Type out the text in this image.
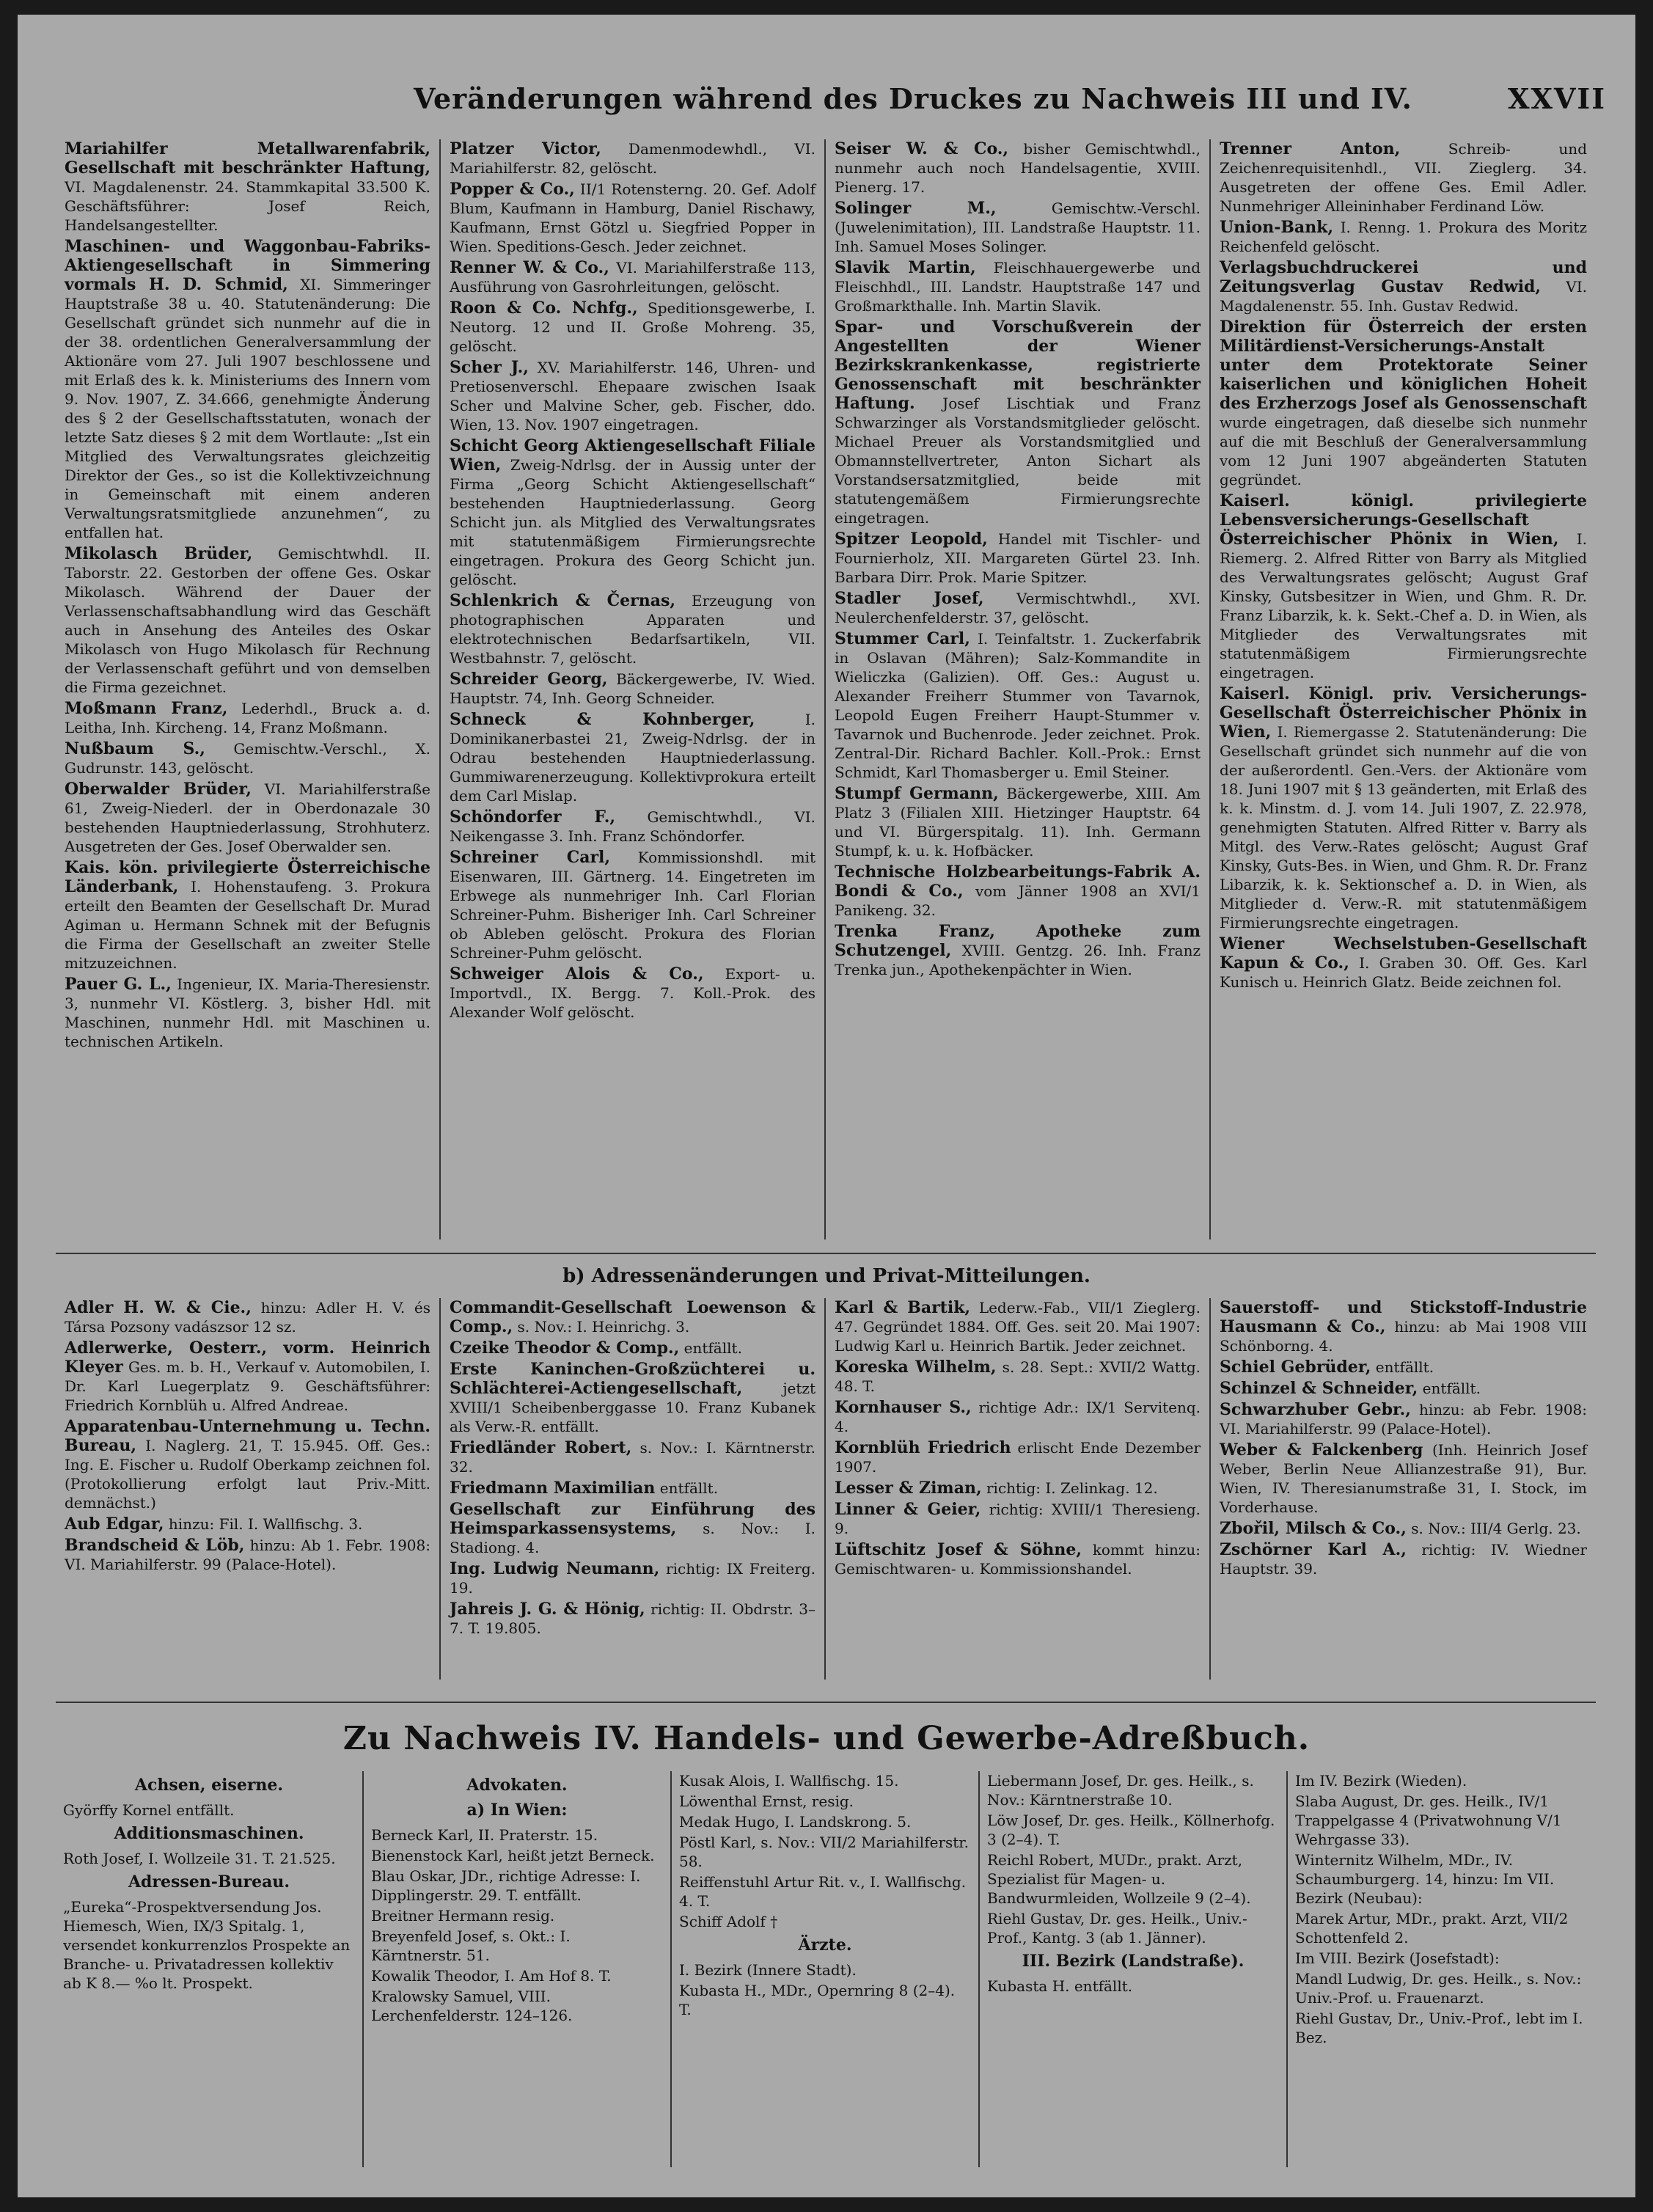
Veränderungen während des Druckes zu Nachweis III und IV.	XXVII
Mariahilfer Metallwarenfabrik, Gesellschaft mit beschränkter Haftung, VI. Magdalenenstr. 24. Stammkapital 33.500 K. Geschäftsführer: Josef Reich, Handelsangestellter.
Maschinen- und Waggonbau-Fabriks-Aktiengesellschaft in Simmering vormals H. D. Schmid, XI. Simmeringer Hauptstraße 38 u. 40. Statutenänderung: Die Gesellschaft gründet sich nunmehr auf die in der 38. ordentlichen Generalversammlung der Aktionäre vom 27. Juli 1907 beschlossene und mit Erlaß des k. k. Ministeriums des Innern vom 9. Nov. 1907, Z. 34.666, genehmigte Änderung des § 2 der Gesellschaftsstatuten, wonach der letzte Satz dieses § 2 mit dem Wortlaute: „Ist ein Mitglied des Verwaltungsrates gleichzeitig Direktor der Ges., so ist die Kollektivzeichnung in Gemeinschaft mit einem anderen Verwaltungsratsmitgliede anzunehmen“, zu entfallen hat.
Mikolasch Brüder, Gemischtwhdl. II. Taborstr. 22. Gestorben der offene Ges. Oskar Mikolasch. Während der Dauer der Verlassenschaftsabhandlung wird das Geschäft auch in Ansehung des Anteiles des Oskar Mikolasch von Hugo Mikolasch für Rechnung der Verlassenschaft geführt und von demselben die Firma gezeichnet.
Moßmann Franz, Lederhdl., Bruck a. d. Leitha, Inh. Kircheng. 14, Franz Moßmann.
Nußbaum S., Gemischtw.-Verschl., X. Gudrunstr. 143, gelöscht.
Oberwalder Brüder, VI. Mariahilferstraße 61, Zweig-Niederl. der in Oberdonazale 30 bestehenden Hauptniederlassung, Strohhuterz. Ausgetreten der Ges. Josef Oberwalder sen.
Kais. kön. privilegierte Österreichische Länderbank, I. Hohenstaufeng. 3. Prokura erteilt den Beamten der Gesellschaft Dr. Murad Agiman u. Hermann Schnek mit der Befugnis die Firma der Gesellschaft an zweiter Stelle mitzuzeichnen.
Pauer G. L., Ingenieur, IX. Maria-Theresienstr. 3, nunmehr VI. Köstlerg. 3, bisher Hdl. mit Maschinen, nunmehr Hdl. mit Maschinen u. technischen Artikeln.
Platzer Victor, Damenmodewhdl., VI. Mariahilferstr. 82, gelöscht.
Popper & Co., II/1 Rotensterng. 20. Gef. Adolf Blum, Kaufmann in Hamburg, Daniel Rischawy, Kaufmann, Ernst Götzl u. Siegfried Popper in Wien. Speditions-Gesch. Jeder zeichnet.
Renner W. & Co., VI. Mariahilferstraße 113, Ausführung von Gasrohrleitungen, gelöscht.
Roon & Co. Nchfg., Speditionsgewerbe, I. Neutorg. 12 und II. Große Mohreng. 35, gelöscht.
Scher J., XV. Mariahilferstr. 146, Uhren- und Pretiosenverschl. Ehepaare zwischen Isaak Scher und Malvine Scher, geb. Fischer, ddo. Wien, 13. Nov. 1907 eingetragen.
Schicht Georg Aktiengesellschaft Filiale Wien, Zweig-Ndrlsg. der in Aussig unter der Firma „Georg Schicht Aktiengesellschaft“ bestehenden Hauptniederlassung. Georg Schicht jun. als Mitglied des Verwaltungsrates mit statutenmäßigem Firmierungsrechte eingetragen. Prokura des Georg Schicht jun. gelöscht.
Schlenkrich & Černas, Erzeugung von photographischen Apparaten und elektrotechnischen Bedarfsartikeln, VII. Westbahnstr. 7, gelöscht.
Schreider Georg, Bäckergewerbe, IV. Wied. Hauptstr. 74, Inh. Georg Schneider.
Schneck & Kohnberger, I. Dominikanerbastei 21, Zweig-Ndrlsg. der in Odrau bestehenden Hauptniederlassung. Gummiwarenerzeugung. Kollektivprokura erteilt dem Carl Mislap.
Schöndorfer F., Gemischtwhdl., VI. Neikengasse 3. Inh. Franz Schöndorfer.
Schreiner Carl, Kommissionshdl. mit Eisenwaren, III. Gärtnerg. 14. Eingetreten im Erbwege als nunmehriger Inh. Carl Florian Schreiner-Puhm. Bisheriger Inh. Carl Schreiner ob Ableben gelöscht. Prokura des Florian Schreiner-Puhm gelöscht.
Schweiger Alois & Co., Export- u. Importvdl., IX. Bergg. 7. Koll.-Prok. des Alexander Wolf gelöscht.
Seiser W. & Co., bisher Gemischtwhdl., nunmehr auch noch Handelsagentie, XVIII. Pienerg. 17.
Solinger M., Gemischtw.-Verschl. (Juwelenimitation), III. Landstraße Hauptstr. 11. Inh. Samuel Moses Solinger.
Slavik Martin, Fleischhauergewerbe und Fleischhdl., III. Landstr. Hauptstraße 147 und Großmarkthalle. Inh. Martin Slavik.
Spar- und Vorschußverein der Angestellten der Wiener Bezirkskrankenkasse, registrierte Genossenschaft mit beschränkter Haftung. Josef Lischtiak und Franz Schwarzinger als Vorstandsmitglieder gelöscht. Michael Preuer als Vorstandsmitglied und Obmannstellvertreter, Anton Sichart als Vorstandsersatzmitglied, beide mit statutengemäßem Firmierungsrechte eingetragen.
Spitzer Leopold, Handel mit Tischler- und Fournierholz, XII. Margareten Gürtel 23. Inh. Barbara Dirr. Prok. Marie Spitzer.
Stadler Josef, Vermischtwhdl., XVI. Neulerchenfelderstr. 37, gelöscht.
Stummer Carl, I. Teinfaltstr. 1. Zuckerfabrik in Oslavan (Mähren); Salz-Kommandite in Wieliczka (Galizien). Off. Ges.: August u. Alexander Freiherr Stummer von Tavarnok, Leopold Eugen Freiherr Haupt-Stummer v. Tavarnok und Buchenrode. Jeder zeichnet. Prok. Zentral-Dir. Richard Bachler. Koll.-Prok.: Ernst Schmidt, Karl Thomasberger u. Emil Steiner.
Stumpf Germann, Bäckergewerbe, XIII. Am Platz 3 (Filialen XIII. Hietzinger Hauptstr. 64 und VI. Bürgerspitalg. 11). Inh. Germann Stumpf, k. u. k. Hofbäcker.
Technische Holzbearbeitungs-Fabrik A. Bondi & Co., vom Jänner 1908 an XVI/1 Panikeng. 32.
Trenka Franz, Apotheke zum Schutzengel, XVIII. Gentzg. 26. Inh. Franz Trenka jun., Apothekenpächter in Wien.
Trenner Anton, Schreib- und Zeichenrequisitenhdl., VII. Zieglerg. 34. Ausgetreten der offene Ges. Emil Adler. Nunmehriger Alleininhaber Ferdinand Löw.
Union-Bank, I. Renng. 1. Prokura des Moritz Reichenfeld gelöscht.
Verlagsbuchdruckerei und Zeitungsverlag Gustav Redwid, VI. Magdalenenstr. 55. Inh. Gustav Redwid.
Direktion für Österreich der ersten Militärdienst-Versicherungs-Anstalt unter dem Protektorate Seiner kaiserlichen und königlichen Hoheit des Erzherzogs Josef als Genossenschaft wurde eingetragen, daß dieselbe sich nunmehr auf die mit Beschluß der Generalversammlung vom 12 Juni 1907 abgeänderten Statuten gegründet.
Kaiserl. königl. privilegierte Lebensversicherungs-Gesellschaft Österreichischer Phönix in Wien, I. Riemerg. 2. Alfred Ritter von Barry als Mitglied des Verwaltungsrates gelöscht; August Graf Kinsky, Gutsbesitzer in Wien, und Ghm. R. Dr. Franz Libarzik, k. k. Sekt.-Chef a. D. in Wien, als Mitglieder des Verwaltungsrates mit statutenmäßigem Firmierungsrechte eingetragen.
Kaiserl. Königl. priv. Versicherungs-Gesellschaft Österreichischer Phönix in Wien, I. Riemergasse 2. Statutenänderung: Die Gesellschaft gründet sich nunmehr auf die von der außerordentl. Gen.-Vers. der Aktionäre vom 18. Juni 1907 mit § 13 geänderten, mit Erlaß des k. k. Minstm. d. J. vom 14. Juli 1907, Z. 22.978, genehmigten Statuten. Alfred Ritter v. Barry als Mitgl. des Verw.-Rates gelöscht; August Graf Kinsky, Guts-Bes. in Wien, und Ghm. R. Dr. Franz Libarzik, k. k. Sektionschef a. D. in Wien, als Mitglieder d. Verw.-R. mit statutenmäßigem Firmierungsrechte eingetragen.
Wiener Wechselstuben-Gesellschaft Kapun & Co., I. Graben 30. Off. Ges. Karl Kunisch u. Heinrich Glatz. Beide zeichnen fol.
b) Adressenänderungen und Privat-Mitteilungen.
Adler H. W. & Cie., hinzu: Adler H. V. és Társa Pozsony vadászsor 12 sz.
Adlerwerke, Oesterr., vorm. Heinrich Kleyer Ges. m. b. H., Verkauf v. Automobilen, I. Dr. Karl Luegerplatz 9. Geschäftsführer: Friedrich Kornblüh u. Alfred Andreae.
Apparatenbau-Unternehmung u. Techn. Bureau, I. Naglerg. 21, T. 15.945. Off. Ges.: Ing. E. Fischer u. Rudolf Oberkamp zeichnen fol. (Protokollierung erfolgt laut Priv.-Mitt. demnächst.)
Aub Edgar, hinzu: Fil. I. Wallfischg. 3.
Brandscheid & Löb, hinzu: Ab 1. Febr. 1908: VI. Mariahilferstr. 99 (Palace-Hotel).
Commandit-Gesellschaft Loewenson & Comp., s. Nov.: I. Heinrichg. 3.
Czeike Theodor & Comp., entfällt.
Erste Kaninchen-Großzüchterei u. Schlächterei-Actiengesellschaft, jetzt XVIII/1 Scheibenberggasse 10. Franz Kubanek als Verw.-R. entfällt.
Friedländer Robert, s. Nov.: I. Kärntnerstr. 32.
Friedmann Maximilian entfällt.
Gesellschaft zur Einführung des Heimsparkassensystems, s. Nov.: I. Stadiong. 4.
Ing. Ludwig Neumann, richtig: IX Freiterg. 19.
Jahreis J. G. & Hönig, richtig: II. Obdrstr. 3–7. T. 19.805.
Karl & Bartik, Lederw.-Fab., VII/1 Zieglerg. 47. Gegründet 1884. Off. Ges. seit 20. Mai 1907: Ludwig Karl u. Heinrich Bartik. Jeder zeichnet.
Koreska Wilhelm, s. 28. Sept.: XVII/2 Wattg. 48. T.
Kornhauser S., richtige Adr.: IX/1 Servitenq. 4.
Kornblüh Friedrich erlischt Ende Dezember 1907.
Lesser & Ziman, richtig: I. Zelinkag. 12.
Linner & Geier, richtig: XVIII/1 Theresieng. 9.
Lüftschitz Josef & Söhne, kommt hinzu: Gemischtwaren- u. Kommissionshandel.
Sauerstoff- und Stickstoff-Industrie Hausmann & Co., hinzu: ab Mai 1908 VIII Schönborng. 4.
Schiel Gebrüder, entfällt.
Schinzel & Schneider, entfällt.
Schwarzhuber Gebr., hinzu: ab Febr. 1908: VI. Mariahilferstr. 99 (Palace-Hotel).
Weber & Falckenberg (Inh. Heinrich Josef Weber, Berlin Neue Allianzestraße 91), Bur. Wien, IV. Theresianumstraße 31, I. Stock, im Vorderhause.
Zbořil, Milsch & Co., s. Nov.: III/4 Gerlg. 23.
Zschörner Karl A., richtig: IV. Wiedner Hauptstr. 39.
Zu Nachweis IV. Handels- und Gewerbe-Adreßbuch.
Achsen, eiserne.
Györffy Kornel entfällt.
Additionsmaschinen.
Roth Josef, I. Wollzeile 31. T. 21.525.
Adressen-Bureau.
„Eureka“-Prospektversendung Jos. Hiemesch, Wien, IX/3 Spitalg. 1, versendet konkurrenzlos Prospekte an Branche- u. Privatadressen kollektiv ab K 8.— %o lt. Prospekt.
Advokaten.
a) In Wien:
Berneck Karl, II. Praterstr. 15.
Bienenstock Karl, heißt jetzt Berneck.
Blau Oskar, JDr., richtige Adresse: I. Dipplingerstr. 29. T. entfällt.
Breitner Hermann resig.
Breyenfeld Josef, s. Okt.: I. Kärntnerstr. 51.
Kowalik Theodor, I. Am Hof 8. T.
Kralowsky Samuel, VIII. Lerchenfelderstr. 124–126.
Kusak Alois, I. Wallfischg. 15.
Löwenthal Ernst, resig.
Medak Hugo, I. Landskrong. 5.
Pöstl Karl, s. Nov.: VII/2 Mariahilferstr. 58.
Reiffenstuhl Artur Rit. v., I. Wallfischg. 4. T.
Schiff Adolf †
Ärzte.
I. Bezirk (Innere Stadt).
Kubasta H., MDr., Opernring 8 (2–4). T.
Liebermann Josef, Dr. ges. Heilk., s. Nov.: Kärntnerstraße 10.
Löw Josef, Dr. ges. Heilk., Köllnerhofg. 3 (2–4). T.
Reichl Robert, MUDr., prakt. Arzt, Spezialist für Magen- u. Bandwurmleiden, Wollzeile 9 (2–4).
Riehl Gustav, Dr. ges. Heilk., Univ.-Prof., Kantg. 3 (ab 1. Jänner).
III. Bezirk (Landstraße).
Kubasta H. entfällt.
Im IV. Bezirk (Wieden).
Slaba August, Dr. ges. Heilk., IV/1 Trappelgasse 4 (Privatwohnung V/1 Wehrgasse 33).
Winternitz Wilhelm, MDr., IV. Schaumburgerg. 14, hinzu: Im VII. Bezirk (Neubau):
Marek Artur, MDr., prakt. Arzt, VII/2 Schottenfeld 2.
Im VIII. Bezirk (Josefstadt):
Mandl Ludwig, Dr. ges. Heilk., s. Nov.: Univ.-Prof. u. Frauenarzt.
Riehl Gustav, Dr., Univ.-Prof., lebt im I. Bez.
